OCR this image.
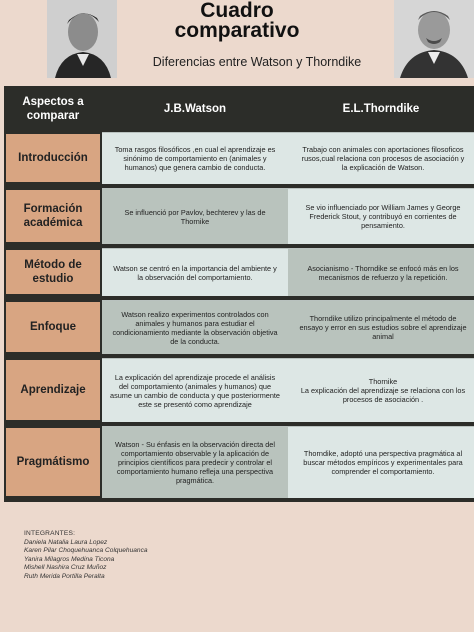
Cuadro
comparativo
Diferencias entre Watson y Thorndike
Aspectos a comparar
J.B.Watson	E.L.Thorndike
Introducción
Toma rasgos filosóficos ,en cual el aprendizaje es sinónimo de comportamiento en (animales y humanos) que genera cambio de conducta.
Trabajo con animales con aportaciones filosoficos rusos,cual relaciona con procesos de asociación y la explicación de Watson.
Formación académica
Se influenció por Pavlov, bechterev y las de Thornike
Se vio influenciado por William James y George Frederick Stout, y contribuyó en corrientes de pensamiento.
Método de estudio
Watson se centró en la importancia del ambiente y la observación del comportamiento.
Asocianismo - Thorndike se enfocó más en los mecanismos de refuerzo y la repetición.
Enfoque
Watson realizo experimentos controlados con animales y humanos para estudiar el condicionamiento mediante la observación objetiva de la conducta.
Thorndike utilizo principalmente el método de ensayo y error en sus estudios sobre el aprendizaje animal
Aprendizaje
La explicación del aprendizaje procede el análisis del comportamiento (animales y humanos) que asume un cambio de conducta y que posteriormente este se presentó como aprendizaje
Thornike
La explicación del aprendizaje se relaciona con los procesos de asociación .
Pragmátismo
Watson - Su énfasis en la observación directa del comportamiento observable y la aplicación de principios científicos para predecir y controlar el comportamiento humano refleja una perspectiva pragmática.
Thorndike, adoptó una perspectiva pragmática al buscar métodos empíricos y experimentales para comprender el comportamiento.
INTEGRANTES:
Daniela Natalia Laura Lopez
Karen Pilar Choquehuanca Colquehuanca
Yanira Milagros Medina Ticona
Mishell Nashira Cruz Muñoz
Ruth Merida Portilla Peralta
